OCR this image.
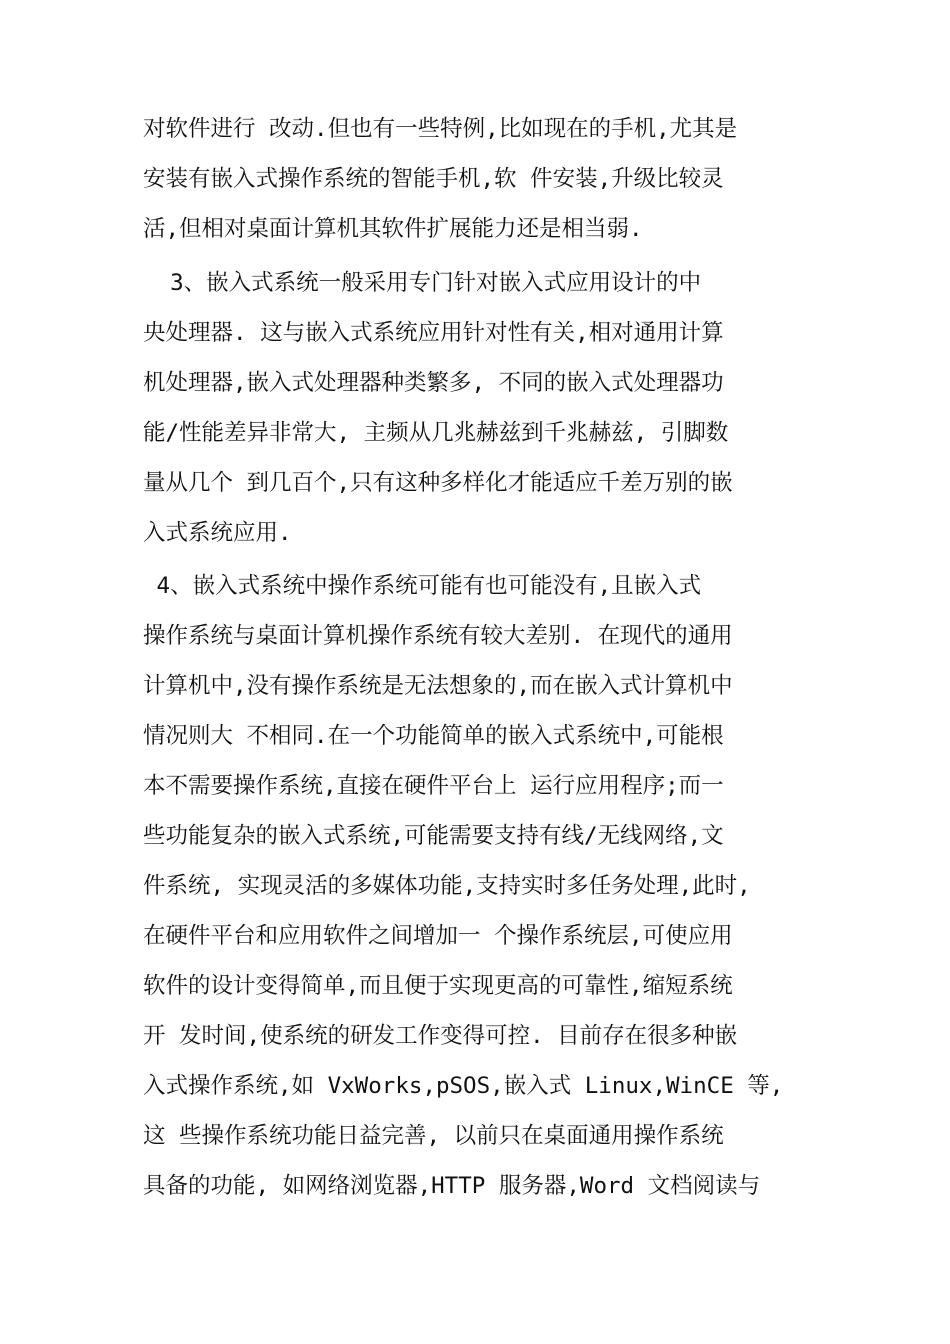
对软件进行 改动.但也有一些特例,比如现在的手机,尤其是
安装有嵌入式操作系统的智能手机,软 件安装,升级比较灵
活,但相对桌面计算机其软件扩展能力还是相当弱.
3、嵌入式系统一般采用专门针对嵌入式应用设计的中
央处理器. 这与嵌入式系统应用针对性有关,相对通用计算
机处理器,嵌入式处理器种类繁多, 不同的嵌入式处理器功
能/性能差异非常大, 主频从几兆赫兹到千兆赫兹, 引脚数
量从几个 到几百个,只有这种多样化才能适应千差万别的嵌
入式系统应用.
4、嵌入式系统中操作系统可能有也可能没有,且嵌入式
操作系统与桌面计算机操作系统有较大差别. 在现代的通用
计算机中,没有操作系统是无法想象的,而在嵌入式计算机中
情况则大 不相同.在一个功能简单的嵌入式系统中,可能根
本不需要操作系统,直接在硬件平台上 运行应用程序;而一
些功能复杂的嵌入式系统,可能需要支持有线/无线网络,文
件系统, 实现灵活的多媒体功能,支持实时多任务处理,此时,
在硬件平台和应用软件之间增加一 个操作系统层,可使应用
软件的设计变得简单,而且便于实现更高的可靠性,缩短系统
开 发时间,使系统的研发工作变得可控. 目前存在很多种嵌
入式操作系统,如 VxWorks,pSOS,嵌入式 Linux,WinCE 等,
这 些操作系统功能日益完善, 以前只在桌面通用操作系统
具备的功能, 如网络浏览器,HTTP 服务器,Word 文档阅读与
